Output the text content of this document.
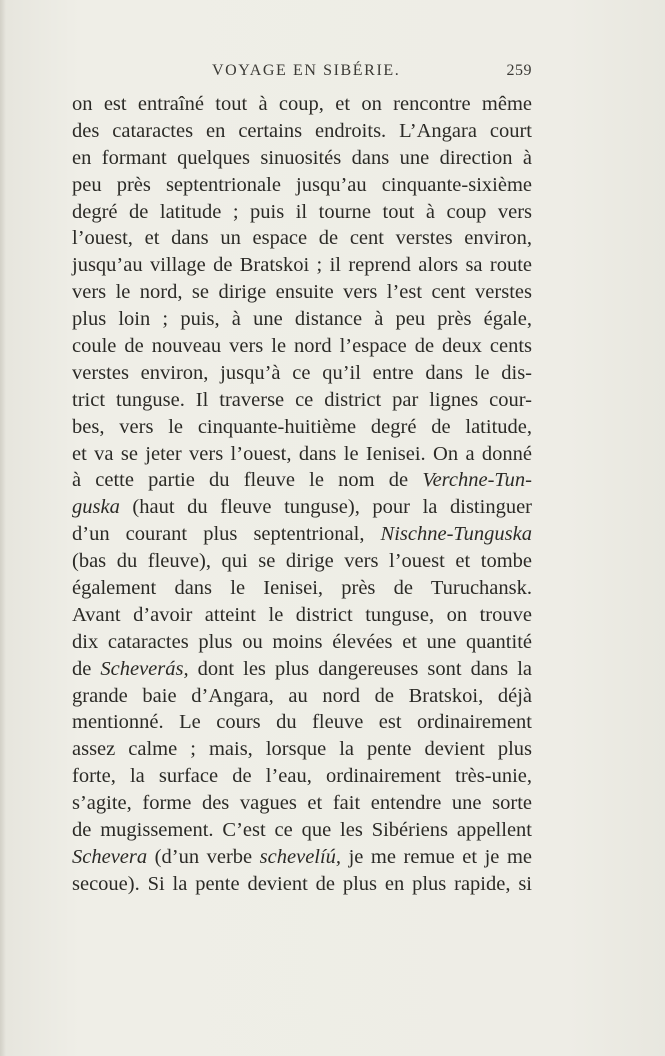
VOYAGE EN SIBÉRIE.	259
on est entraîné tout à coup, et on rencontre même
des cataractes en certains endroits. L’Angara court
en formant quelques sinuosités dans une direction à
peu près septentrionale jusqu’au cinquante-sixième
degré de latitude ; puis il tourne tout à coup vers
l’ouest, et dans un espace de cent verstes environ,
jusqu’au village de Bratskoi ; il reprend alors sa route
vers le nord, se dirige ensuite vers l’est cent verstes
plus loin ; puis, à une distance à peu près égale,
coule de nouveau vers le nord l’espace de deux cents
verstes environ, jusqu’à ce qu’il entre dans le dis-
trict tunguse. Il traverse ce district par lignes cour-
bes, vers le cinquante-huitième degré de latitude,
et va se jeter vers l’ouest, dans le Ienisei. On a donné
à cette partie du fleuve le nom de Verchne-Tun-
guska (haut du fleuve tunguse), pour la distinguer
d’un courant plus septentrional, Nischne-Tunguska
(bas du fleuve), qui se dirige vers l’ouest et tombe
également dans le Ienisei, près de Turuchansk.
Avant d’avoir atteint le district tunguse, on trouve
dix cataractes plus ou moins élevées et une quantité
de Scheverás, dont les plus dangereuses sont dans la
grande baie d’Angara, au nord de Bratskoi, déjà
mentionné. Le cours du fleuve est ordinairement
assez calme ; mais, lorsque la pente devient plus
forte, la surface de l’eau, ordinairement très-unie,
s’agite, forme des vagues et fait entendre une sorte
de mugissement. C’est ce que les Sibériens appellent
Schevera (d’un verbe schevelíú, je me remue et je me
secoue). Si la pente devient de plus en plus rapide, si
